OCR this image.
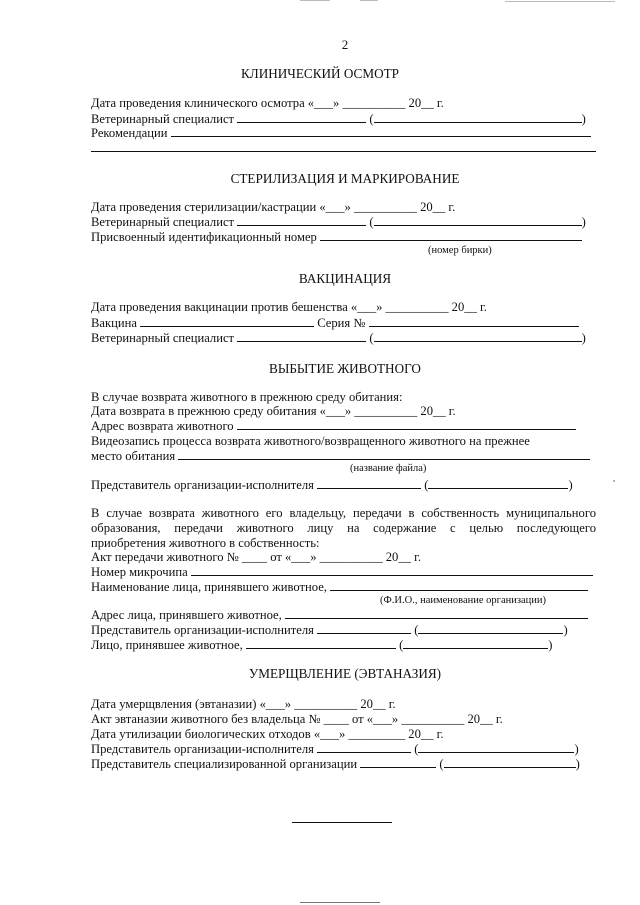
2
КЛИНИЧЕСКИЙ ОСМОТР
Дата проведения клинического осмотра «___» __________ 20__ г.
Ветеринарный специалист	(	)
Рекомендации
СТЕРИЛИЗАЦИЯ И МАРКИРОВАНИЕ
Дата проведения стерилизации/кастрации «___» __________ 20__ г.
Ветеринарный специалист	(	)
Присвоенный идентификационный номер
(номер бирки)
ВАКЦИНАЦИЯ
Дата проведения вакцинации против бешенства «___» __________ 20__ г.
Вакцина	Серия №
Ветеринарный специалист	(	)
ВЫБЫТИЕ ЖИВОТНОГО
В случае возврата животного в прежнюю среду обитания:
Дата возврата в прежнюю среду обитания «___» __________ 20__ г.
Адрес возврата животного
Видеозапись процесса возврата животного/возвращенного животного на прежнее
место обитания
(название файла)
Представитель организации-исполнителя	(	)
В случае возврата животного его владельцу, передачи в собственность муниципального
образования, передачи животного лицу на содержание с целью последующего
приобретения животного в собственность:
Акт передачи животного № ____ от «___» __________ 20__ г.
Номер микрочипа
Наименование лица, принявшего животное,
(Ф.И.О., наименование организации)
Адрес лица, принявшего животное,
Представитель организации-исполнителя	(	)
Лицо, принявшее животное,	(	)
УМЕРЩВЛЕНИЕ (ЭВТАНАЗИЯ)
Дата умерщвления (эвтаназии) «___» __________ 20__ г.
Акт эвтаназии животного без владельца № ____ от «___» __________ 20__ г.
Дата утилизации биологических отходов «___» _________ 20__ г.
Представитель организации-исполнителя	(	)
Представитель специализированной организации	(	)
